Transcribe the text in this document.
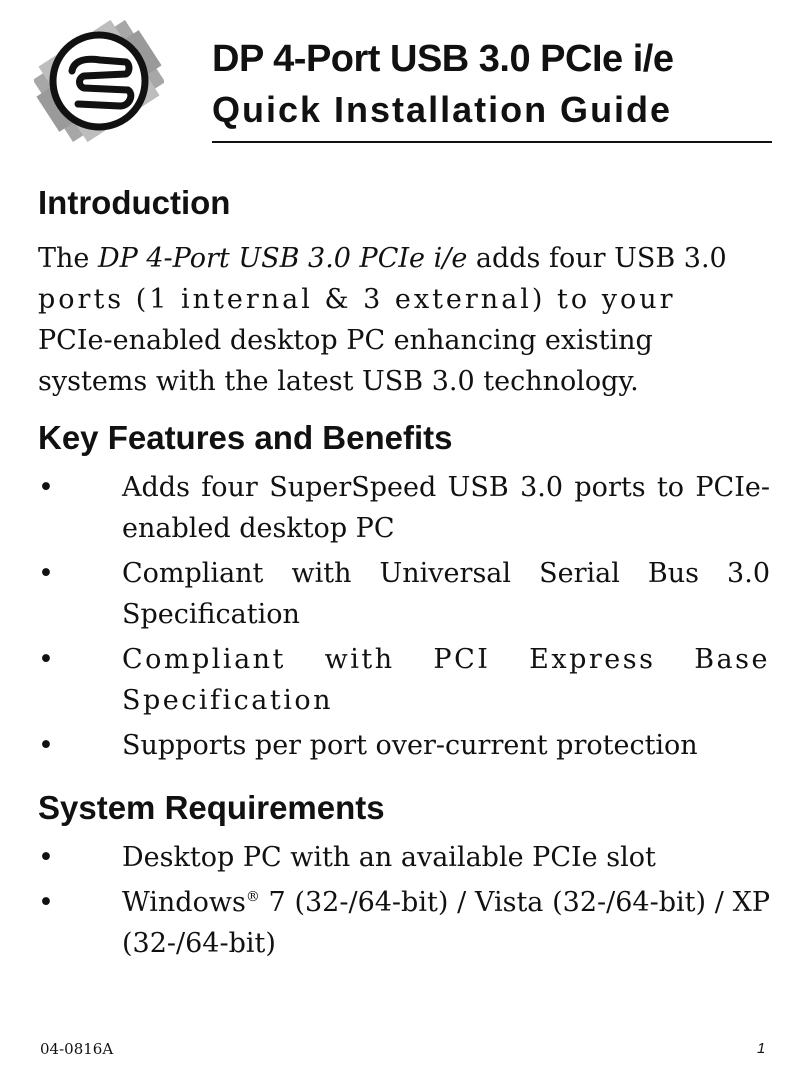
DP 4-Port USB 3.0 PCIe i/e
Quick Installation Guide
Introduction

The DP 4-Port USB 3.0 PCIe i/e adds four USB 3.0
ports (1 internal & 3 external) to your
PCIe-enabled desktop PC enhancing existing
systems with the latest USB 3.0 technology.

Key Features and Benefits
•	Adds four SuperSpeed USB 3.0 ports to PCIe-enabled desktop PC
•	Compliant with Universal Serial Bus 3.0 Specification
• Compliant with PCI Express Base Specification
•	Supports per port over-current protection
System Requirements
•	Desktop PC with an available PCIe slot
•	Windows® 7 (32-/64-bit) / Vista (32-/64-bit) / XP (32-/64-bit)
04-0816A	1
